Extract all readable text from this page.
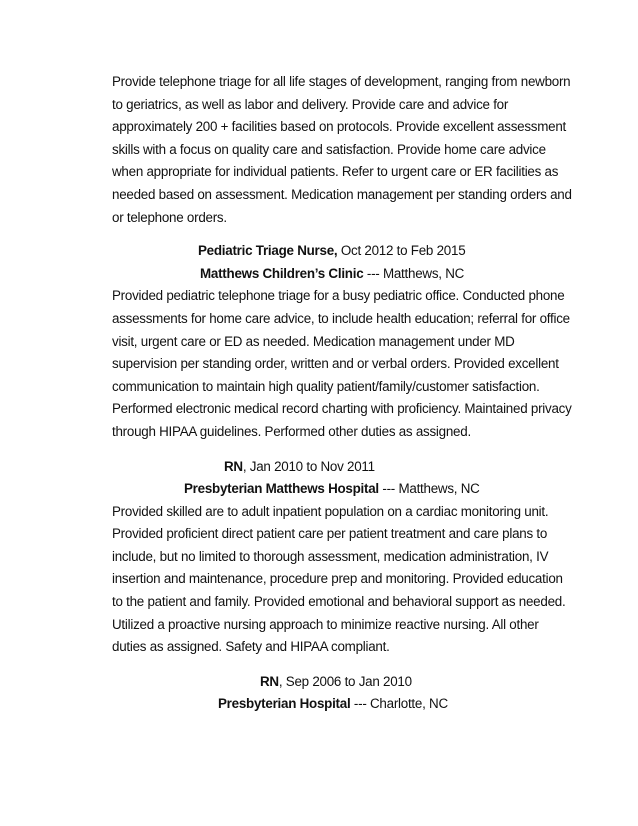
Provide telephone triage for all life stages of development, ranging from newborn to geriatrics, as well as labor and delivery. Provide care and advice for approximately 200 + facilities based on protocols. Provide excellent assessment skills with a focus on quality care and satisfaction. Provide home care advice when appropriate for individual patients. Refer to urgent care or ER facilities as needed based on assessment. Medication management per standing orders and or telephone orders.

Pediatric Triage Nurse, Oct 2012 to Feb 2015
Matthews Children’s Clinic --- Matthews, NC

Provided pediatric telephone triage for a busy pediatric office. Conducted phone assessments for home care advice, to include health education; referral for office visit, urgent care or ED as needed. Medication management under MD supervision per standing order, written and or verbal orders. Provided excellent communication to maintain high quality patient/family/customer satisfaction. Performed electronic medical record charting with proficiency. Maintained privacy through HIPAA guidelines. Performed other duties as assigned.

RN, Jan 2010 to Nov 2011
Presbyterian Matthews Hospital --- Matthews, NC

Provided skilled are to adult inpatient population on a cardiac monitoring unit. Provided proficient direct patient care per patient treatment and care plans to include, but no limited to thorough assessment, medication administration, IV insertion and maintenance, procedure prep and monitoring. Provided education to the patient and family. Provided emotional and behavioral support as needed. Utilized a proactive nursing approach to minimize reactive nursing. All other duties as assigned. Safety and HIPAA compliant.

RN, Sep 2006 to Jan 2010
Presbyterian Hospital --- Charlotte, NC
